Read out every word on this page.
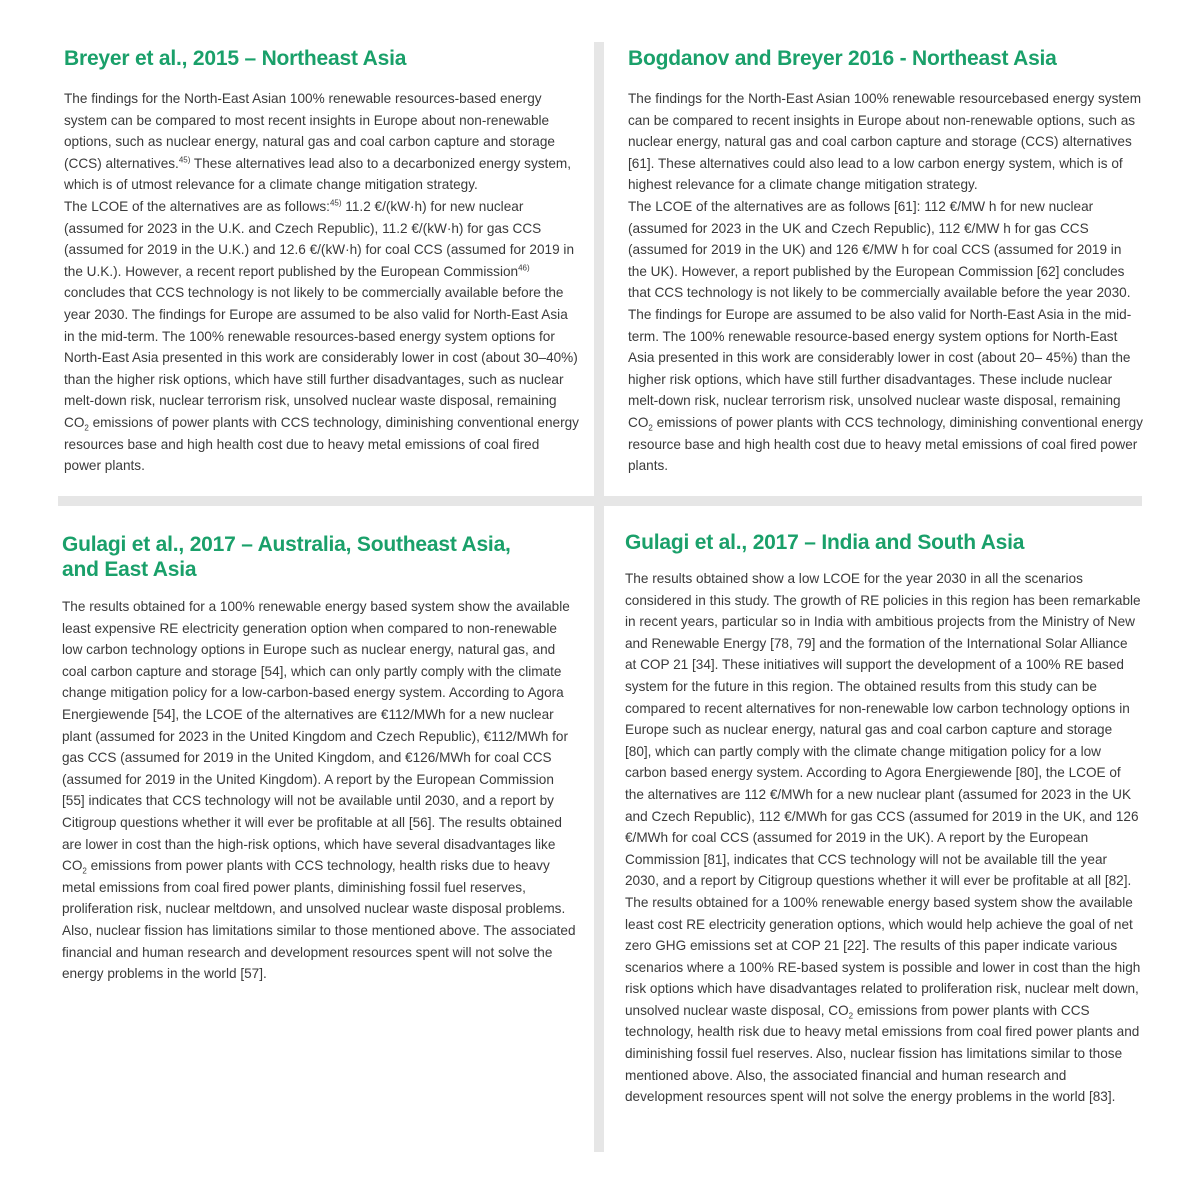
Breyer et al., 2015 – Northeast Asia

The findings for the North-East Asian 100% renewable resources-based energy system can be compared to most recent insights in Europe about non-renewable options, such as nuclear energy, natural gas and coal carbon capture and storage (CCS) alternatives.$^{45)}$ These alternatives lead also to a decarbonized energy system, which is of utmost relevance for a climate change mitigation strategy.

The LCOE of the alternatives are as follows:$^{45)}$ 11.2 €/(kW·h) for new nuclear (assumed for 2023 in the U.K. and Czech Republic), 11.2 €/(kW·h) for gas CCS (assumed for 2019 in the U.K.) and 12.6 €/(kW·h) for coal CCS (assumed for 2019 in the U.K.). However, a recent report published by the European Commission$^{46)}$ concludes that CCS technology is not likely to be commercially available before the year 2030. The findings for Europe are assumed to be also valid for North-East Asia in the mid-term. The 100% renewable resources-based energy system options for North-East Asia presented in this work are considerably lower in cost (about 30–40%) than the higher risk options, which have still further disadvantages, such as nuclear melt-down risk, nuclear terrorism risk, unsolved nuclear waste disposal, remaining $CO_2$ emissions of power plants with CCS technology, diminishing conventional energy resources base and high health cost due to heavy metal emissions of coal fired power plants.

Bogdanov and Breyer 2016 - Northeast Asia

The findings for the North-East Asian 100% renewable resourcebased energy system can be compared to recent insights in Europe about non-renewable options, such as nuclear energy, natural gas and coal carbon capture and storage (CCS) alternatives [61]. These alternatives could also lead to a low carbon energy system, which is of highest relevance for a climate change mitigation strategy.

The LCOE of the alternatives are as follows [61]: 112 €/MW h for new nuclear (assumed for 2023 in the UK and Czech Republic), 112 €/MW h for gas CCS (assumed for 2019 in the UK) and 126 €/MW h for coal CCS (assumed for 2019 in the UK). However, a report published by the European Commission [62] concludes that CCS technology is not likely to be commercially available before the year 2030. The findings for Europe are assumed to be also valid for North-East Asia in the mid-term. The 100% renewable resource-based energy system options for North-East Asia presented in this work are considerably lower in cost (about 20– 45%) than the higher risk options, which have still further disadvantages. These include nuclear melt-down risk, nuclear terrorism risk, unsolved nuclear waste disposal, remaining $CO_2$ emissions of power plants with CCS technology, diminishing conventional energy resource base and high health cost due to heavy metal emissions of coal fired power plants.

Gulagi et al., 2017 – Australia, Southeast Asia, and East Asia

The results obtained for a 100% renewable energy based system show the available least expensive RE electricity generation option when compared to non-renewable low carbon technology options in Europe such as nuclear energy, natural gas, and coal carbon capture and storage [54], which can only partly comply with the climate change mitigation policy for a low-carbon-based energy system. According to Agora Energiewende [54], the LCOE of the alternatives are €112/MWh for a new nuclear plant (assumed for 2023 in the United Kingdom and Czech Republic), €112/MWh for gas CCS (assumed for 2019 in the United Kingdom, and €126/MWh for coal CCS (assumed for 2019 in the United Kingdom). A report by the European Commission [55] indicates that CCS technology will not be available until 2030, and a report by Citigroup questions whether it will ever be profitable at all [56]. The results obtained are lower in cost than the high-risk options, which have several disadvantages like $CO_2$ emissions from power plants with CCS technology, health risks due to heavy metal emissions from coal fired power plants, diminishing fossil fuel reserves, proliferation risk, nuclear meltdown, and unsolved nuclear waste disposal problems. Also, nuclear fission has limitations similar to those mentioned above. The associated financial and human research and development resources spent will not solve the energy problems in the world [57].

Gulagi et al., 2017 – India and South Asia

The results obtained show a low LCOE for the year 2030 in all the scenarios considered in this study. The growth of RE policies in this region has been remarkable in recent years, particular so in India with ambitious projects from the Ministry of New and Renewable Energy [78, 79] and the formation of the International Solar Alliance at COP 21 [34]. These initiatives will support the development of a 100% RE based system for the future in this region. The obtained results from this study can be compared to recent alternatives for non-renewable low carbon technology options in Europe such as nuclear energy, natural gas and coal carbon capture and storage [80], which can partly comply with the climate change mitigation policy for a low carbon based energy system. According to Agora Energiewende [80], the LCOE of the alternatives are 112 €/MWh for a new nuclear plant (assumed for 2023 in the UK and Czech Republic), 112 €/MWh for gas CCS (assumed for 2019 in the UK, and 126 €/MWh for coal CCS (assumed for 2019 in the UK). A report by the European Commission [81], indicates that CCS technology will not be available till the year 2030, and a report by Citigroup questions whether it will ever be profitable at all [82].

The results obtained for a 100% renewable energy based system show the available least cost RE electricity generation options, which would help achieve the goal of net zero GHG emissions set at COP 21 [22]. The results of this paper indicate various scenarios where a 100% RE-based system is possible and lower in cost than the high risk options which have disadvantages related to proliferation risk, nuclear melt down, unsolved nuclear waste disposal, $CO_2$ emissions from power plants with CCS technology, health risk due to heavy metal emissions from coal fired power plants and diminishing fossil fuel reserves. Also, nuclear fission has limitations similar to those mentioned above. Also, the associated financial and human research and development resources spent will not solve the energy problems in the world [83].
